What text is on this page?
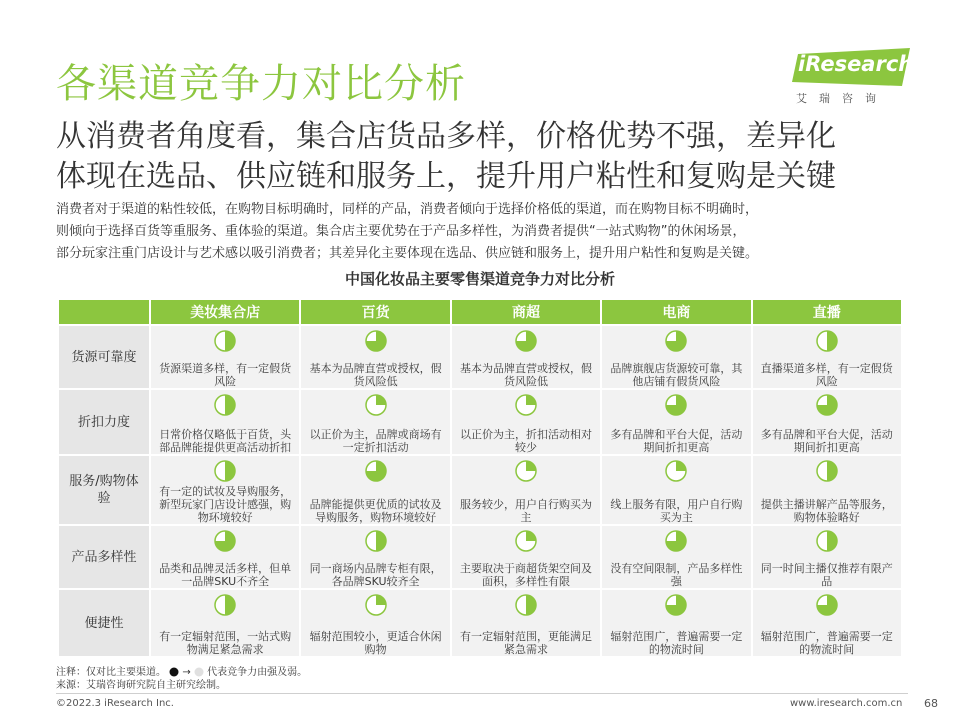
各渠道竞争力对比分析	iResearch
艾瑞咨询
从消费者角度看，集合店货品多样，价格优势不强，差异化
体现在选品、供应链和服务上，提升用户粘性和复购是关键
消费者对于渠道的粘性较低，在购物目标明确时，同样的产品，消费者倾向于选择价格低的渠道，而在购物目标不明确时，
则倾向于选择百货等重服务、重体验的渠道。集合店主要优势在于产品多样性，为消费者提供“一站式购物”的休闲场景，
部分玩家注重门店设计与艺术感以吸引消费者；其差异化主要体现在选品、供应链和服务上，提升用户粘性和复购是关键。
中国化妆品主要零售渠道竞争力对比分析
	美妆集合店	百货	商超	电商	直播
货源可靠度	货源渠道多样，有一定假货风险	基本为品牌直营或授权，假货风险低	基本为品牌直营或授权，假货风险低	品牌旗舰店货源较可靠，其他店铺有假货风险	直播渠道多样，有一定假货风险

折扣力度	日常价格仅略低于百货，头部品牌能提供更高活动折扣	以正价为主，品牌或商场有一定折扣活动	以正价为主，折扣活动相对较少	多有品牌和平台大促，活动期间折扣更高	多有品牌和平台大促，活动期间折扣更高

服务/购物体验	有一定的试妆及导购服务，新型玩家门店设计感强，购物环境较好	品牌能提供更优质的试妆及导购服务，购物环境较好	服务较少，用户自行购买为主	线上服务有限，用户自行购买为主	提供主播讲解产品等服务，购物体验略好

产品多样性	品类和品牌灵活多样，但单一品牌SKU不齐全	同一商场内品牌专柜有限，各品牌SKU较齐全	主要取决于商超货架空间及面积，多样性有限	没有空间限制，产品多样性强	同一时间主播仅推荐有限产品

便捷性	有一定辐射范围，一站式购物满足紧急需求	辐射范围较小，更适合休闲购物	有一定辐射范围，更能满足紧急需求	辐射范围广，普遍需要一定的物流时间	辐射范围广，普遍需要一定的物流时间
注释：仅对比主要渠道。 → 代表竞争力由强及弱。
来源：艾瑞咨询研究院自主研究绘制。
©2022.3 iResearch Inc.	www.iresearch.com.cn 68
